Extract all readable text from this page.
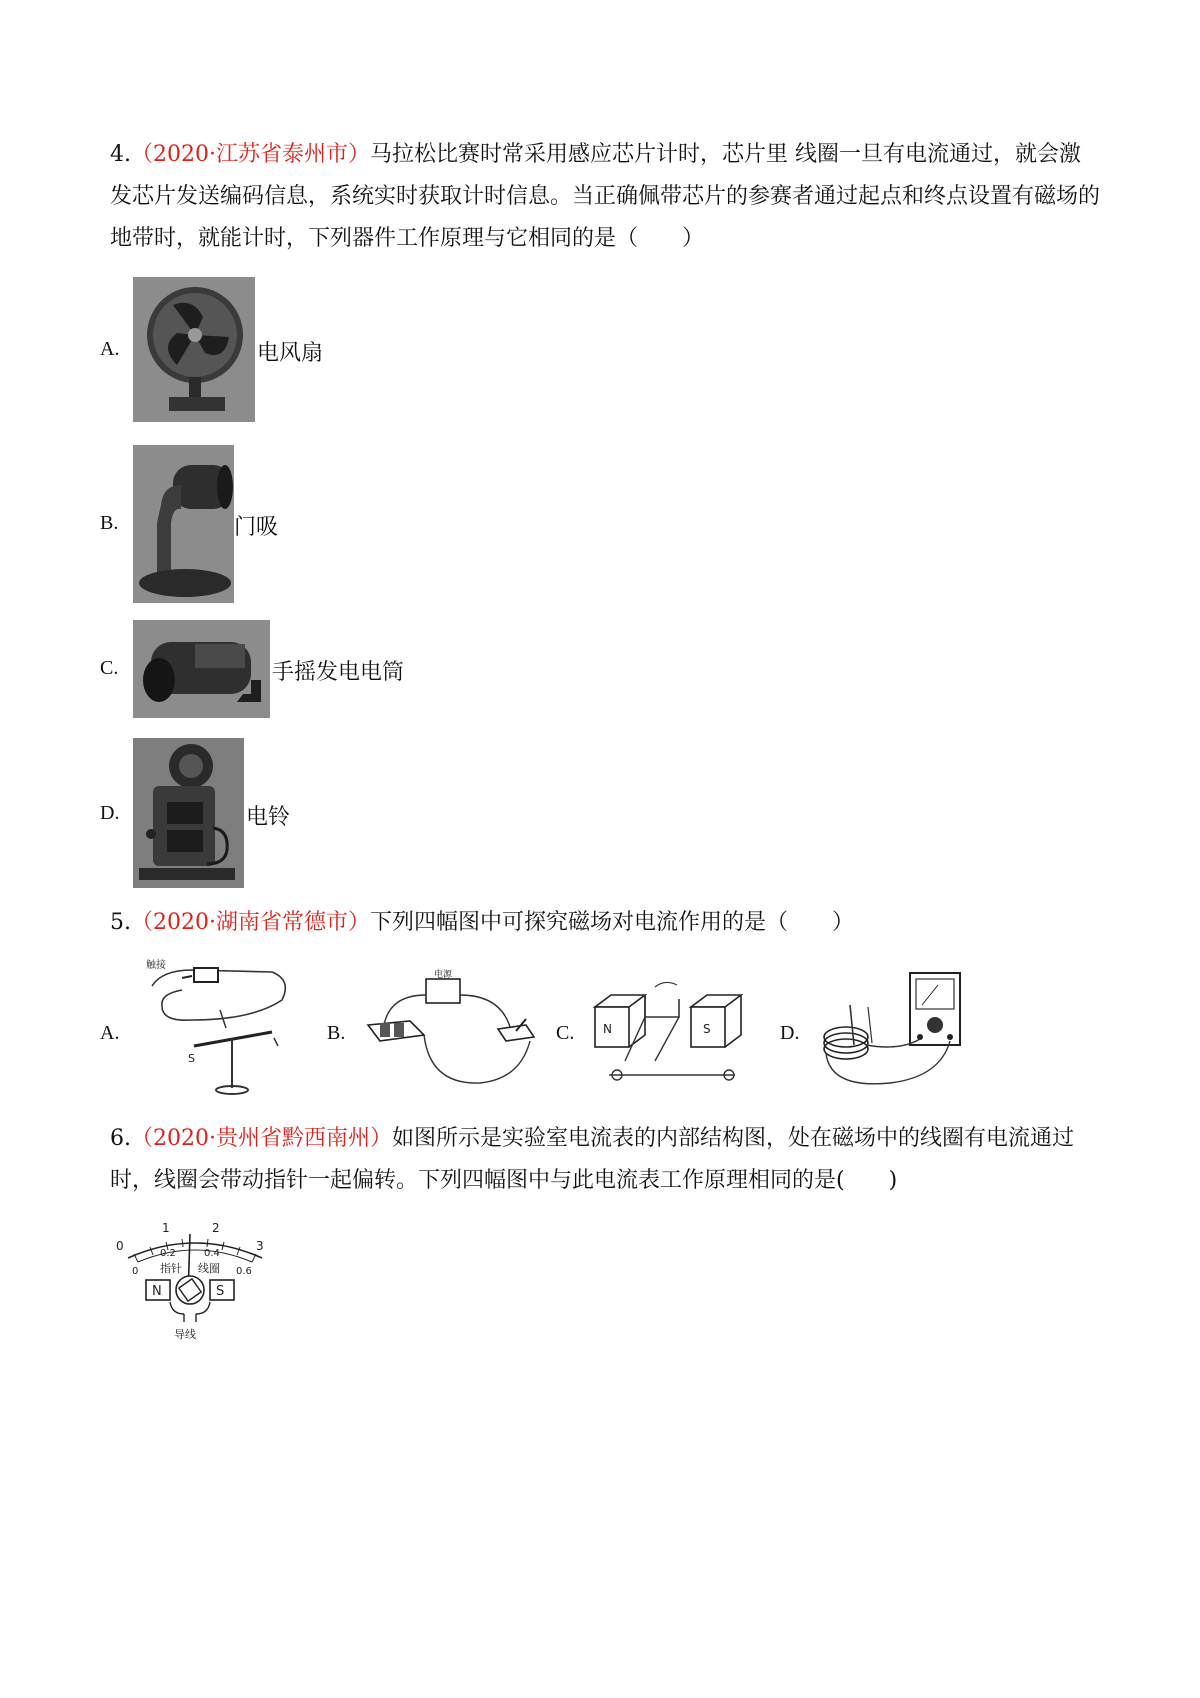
4.（2020·江苏省泰州市）马拉松比赛时常采用感应芯片计时，芯片里 线圈一旦有电流通过，就会激发芯片发送编码信息，系统实时获取计时信息。当正确佩带芯片的参赛者通过起点和终点设置有磁场的地带时，就能计时，下列器件工作原理与它相同的是（　　）
A.	电风扇
B.	门吸
C.	手摇发电电筒
D.	电铃
5.（2020·湖南省常德市）下列四幅图中可探究磁场对电流作用的是（　　）
A.
触接
S
B.
电源
C. N	S	D.
6.（2020·贵州省黔西南州）如图所示是实验室电流表的内部结构图，处在磁场中的线圈有电流通过时，线圈会带动指针一起偏转。下列四幅图中与此电流表工作原理相同的是(　　)
0
1	2
3
0
0.2	0.4
0.6
指针 线圈
N	S
导线
